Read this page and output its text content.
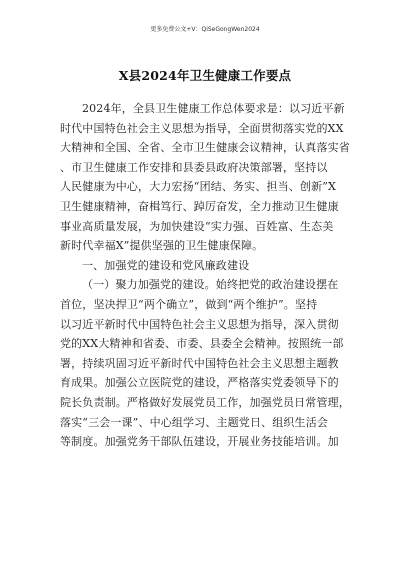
更多免费公文+V：QiSeGongWen2024
X县2024年卫生健康工作要点
2024年，全县卫生健康工作总体要求是：以习近平新
时代中国特色社会主义思想为指导，全面贯彻落实党的XX
大精神和全国、全省、全市卫生健康会议精神，认真落实省
、市卫生健康工作安排和县委县政府决策部署，坚持以
人民健康为中心，大力宏扬“团结、务实、担当、创新”X
卫生健康精神，奋楫笃行、踔厉奋发，全力推动卫生健康
事业高质量发展，为加快建设“实力强、百姓富、生态美
新时代幸福X”提供坚强的卫生健康保障。
一、加强党的建设和党风廉政建设
（一）聚力加强党的建设。始终把党的政治建设摆在
首位，坚决捍卫“两个确立”，做到“两个维护”。坚持
以习近平新时代中国特色社会主义思想为指导，深入贯彻
党的XX大精神和省委、市委、县委全会精神。按照统一部
署，持续巩固习近平新时代中国特色社会主义思想主题教
育成果。加强公立医院党的建设，严格落实党委领导下的
院长负责制。严格做好发展党员工作，加强党员日常管理，
落实“三会一课”、中心组学习、主题党日、组织生活会
等制度。加强党务干部队伍建设，开展业务技能培训。加
